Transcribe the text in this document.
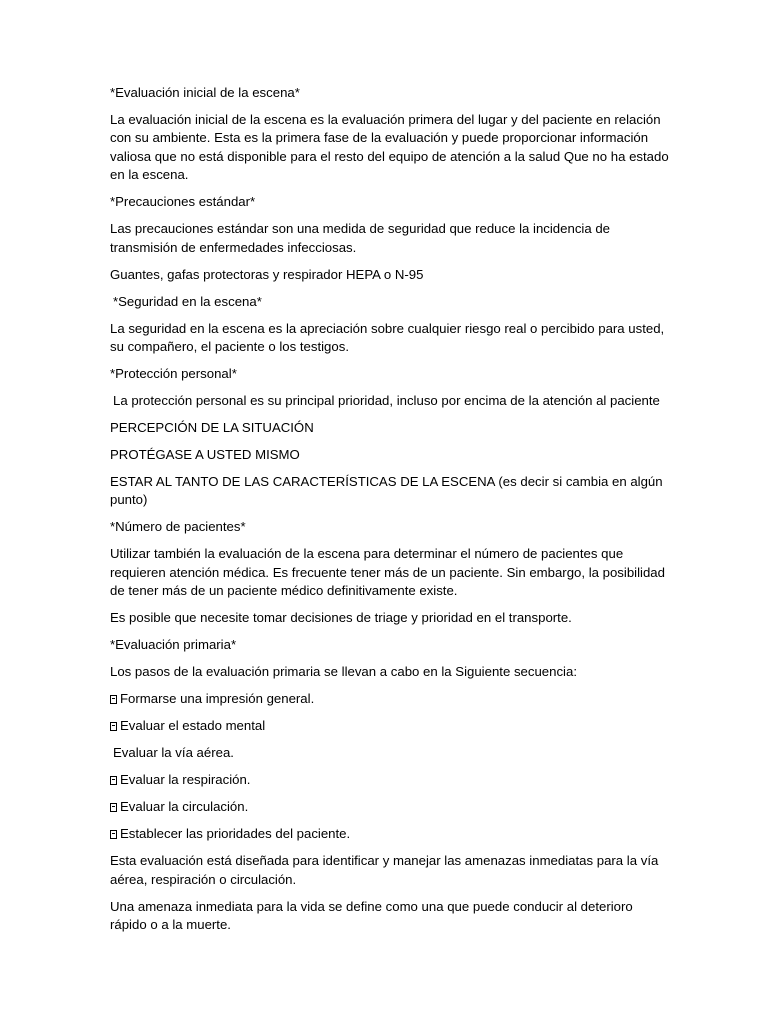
*Evaluación inicial de la escena*

La evaluación inicial de la escena es la evaluación primera del lugar y del paciente en relación con su ambiente. Esta es la primera fase de la evaluación y puede proporcionar información valiosa que no está disponible para el resto del equipo de atención a la salud Que no ha estado en la escena.

*Precauciones estándar*

Las precauciones estándar son una medida de seguridad que reduce la incidencia de transmisión de enfermedades infecciosas.

Guantes, gafas protectoras y respirador HEPA o N-95

*Seguridad en la escena*

La seguridad en la escena es la apreciación sobre cualquier riesgo real o percibido para usted, su compañero, el paciente o los testigos.

*Protección personal*

La protección personal es su principal prioridad, incluso por encima de la atención al paciente

PERCEPCIÓN DE LA SITUACIÓN

PROTÉGASE A USTED MISMO

ESTAR AL TANTO DE LAS CARACTERÍSTICAS DE LA ESCENA (es decir si cambia en algún punto)

*Número de pacientes*

Utilizar también la evaluación de la escena para determinar el número de pacientes que requieren atención médica. Es frecuente tener más de un paciente. Sin embargo, la posibilidad de tener más de un paciente médico definitivamente existe.

Es posible que necesite tomar decisiones de triage y prioridad en el transporte.

*Evaluación primaria*

Los pasos de la evaluación primaria se llevan a cabo en la Siguiente secuencia:

Formarse una impresión general.

Evaluar el estado mental

Evaluar la vía aérea.

Evaluar la respiración.

Evaluar la circulación.

Establecer las prioridades del paciente.

Esta evaluación está diseñada para identificar y manejar las amenazas inmediatas para la vía aérea, respiración o circulación.

Una amenaza inmediata para la vida se define como una que puede conducir al deterioro rápido o a la muerte.
